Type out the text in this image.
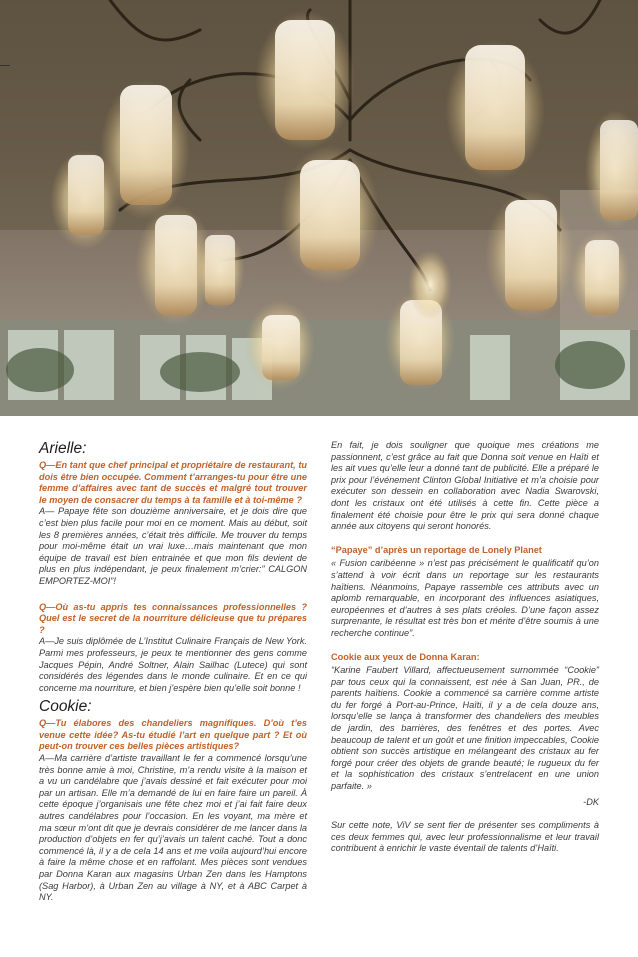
Arielle:

Q—En tant que chef principal et propriétaire de restaurant, tu dois être bien occupée. Comment t’arranges-tu pour être une femme d’affaires avec tant de succès et malgré tout trouver le moyen de consacrer du temps à ta famille et à toi-même ?

A— Papaye fête son douzième anniversaire, et je dois dire que c’est bien plus facile pour moi en ce moment. Mais au début, soit les 8 premières années, c’était très difficile. Me trouver du temps pour moi-même était un vrai luxe…mais maintenant que mon équipe de travail est bien entrainée et que mon fils devient de plus en plus indépendant, je peux finalement m’crier:” CALGON EMPORTEZ-MOI”!

Q—Où as-tu appris tes connaissances professionnelles ? Quel est le secret de la nourriture délicieuse que tu prépares ?

A—Je suis diplômée de L’Institut Culinaire Français de New York. Parmi mes professeurs, je peux te mentionner des gens comme Jacques Pépin, André Soltner, Alain Sailhac (Lutece) qui sont considérés des légendes dans le monde culinaire. Et en ce qui concerne ma nourriture, et bien j’espère bien qu’elle soit bonne !

Cookie:

Q—Tu élabores des chandeliers magnifiques. D’où t’es venue cette idée? As-tu étudié l’art en quelque part ? Et où peut-on trouver ces belles pièces artistiques?

A—Ma carrière d’artiste travaillant le fer a commencé lorsqu’une très bonne amie à moi, Christine, m’a rendu visite à la maison et a vu un candélabre que j’avais dessiné et fait exécuter pour moi par un artisan. Elle m’a demandé de lui en faire faire un pareil. À cette époque j’organisais une fête chez moi et j’ai fait faire deux autres candélabres pour l’occasion. En les voyant, ma mère et ma sœur m’ont dit que je devrais considérer de me lancer dans la production d’objets en fer qu’j’avais un talent caché. Tout a donc commencé là, il y a de cela 14 ans et me voila aujourd’hui encore à faire la même chose et en raffolant. Mes pièces sont vendues par Donna Karan aux magasins Urban Zen dans les Hamptons (Sag Harbor), à Urban Zen au village à NY, et à ABC Carpet à NY.

En fait, je dois souligner que quoique mes créations me passionnent, c’est grâce au fait que Donna soit venue en Haïti et les ait vues qu’elle leur a donné tant de publicité. Elle a préparé le prix pour l’événement Clinton Global Initiative et m’a choisie pour exécuter son dessein en collaboration avec Nadia Swarovski, dont les cristaux ont été utilisés à cette fin. Cette pièce a finalement été choisie pour être le prix qui sera donné chaque année aux citoyens qui seront honorés.

“Papaye” d’après un reportage de Lonely Planet

« Fusion caribéenne » n’est pas précisément le qualificatif qu’on s’attend à voir écrit dans un reportage sur les restaurants haïtiens. Néanmoins, Papaye rassemble ces attributs avec un aplomb remarquable, en incorporant des influences asiatiques, européennes et d’autres à ses plats créoles. D’une façon assez surprenante, le résultat est très bon et mérite d’être soumis à une recherche continue”.

Cookie aux yeux de Donna Karan:

“Karine Faubert Villard, affectueusement surnommée “Cookie” par tous ceux qui la connaissent, est née à San Juan, PR., de parents haïtiens. Cookie a commencé sa carrière comme artiste du fer forgé à Port-au-Prince, Haïti, il y a de cela douze ans, lorsqu’elle se lança à transformer des chandeliers des meubles de jardin, des barrières, des fenêtres et des portes. Avec beaucoup de talent et un goût et une finition impeccables, Cookie obtient son succès artistique en mélangeant des cristaux au fer forgé pour créer des objets de grande beauté; le rugueux du fer et la sophistication des cristaux s’entrelacent en une union parfaite. »

-DK

Sur cette note, ViV se sent fier de présenter ses compliments à ces deux femmes qui, avec leur professionnalisme et leur travail contribuent à enrichir le vaste éventail de talents d’Haïti.
